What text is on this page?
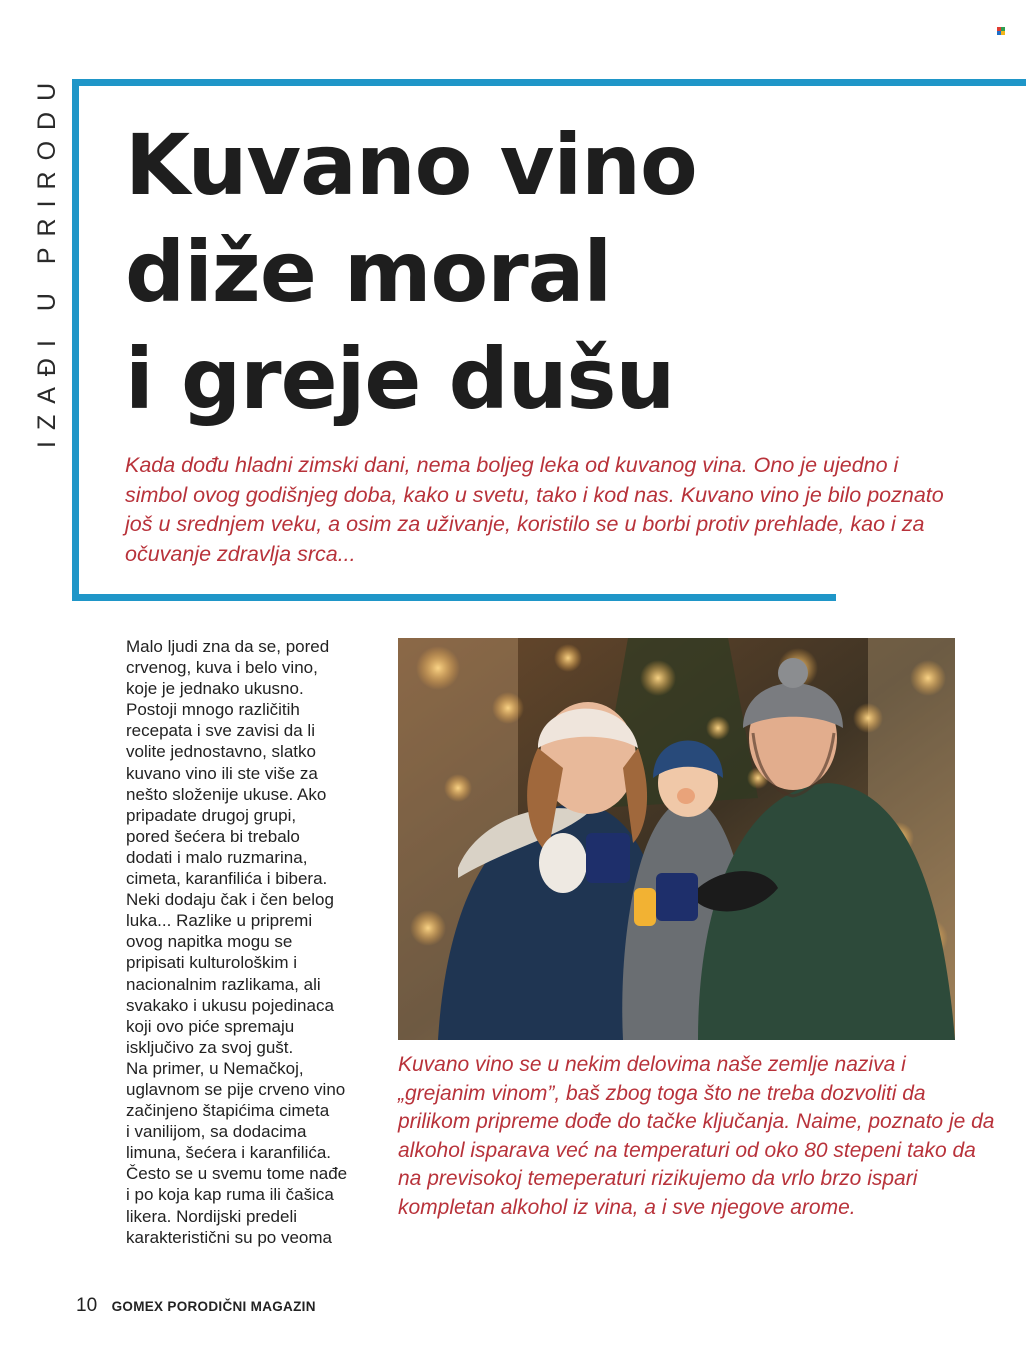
IZAĐI U PRIRODU Kuvano vino
diže moral
i greje dušu

Kada dođu hladni zimski dani, nema boljeg leka od kuvanog vina. Ono je ujedno i simbol ovog godišnjeg doba, kako u svetu, tako i kod nas. Kuvano vino je bilo poznato još u srednjem veku, a osim za uživanje, koristilo se u borbi protiv prehlade, kao i za očuvanje zdravlja srca...

Malo ljudi zna da se, pored
crvenog, kuva i belo vino,
koje je jednako ukusno.
Postoji mnogo različitih
recepata i sve zavisi da li
volite jednostavno, slatko
kuvano vino ili ste više za
nešto složenije ukuse. Ako
pripadate drugoj grupi,
pored šećera bi trebalo
dodati i malo ruzmarina,
cimeta, karanfilića i bibera.
Neki dodaju čak i čen belog
luka... Razlike u pripremi
ovog napitka mogu se
pripisati kulturološkim i
nacionalnim razlikama, ali
svakako i ukusu pojedinaca
koji ovo piće spremaju
isključivo za svoj gušt.
Na primer, u Nemačkoj,
uglavnom se pije crveno vino
začinjeno štapićima cimeta
i vanilijom, sa dodacima
limuna, šećera i karanfilića.
Često se u svemu tome nađe
i po koja kap ruma ili čašica
likera. Nordijski predeli
karakteristični su po veoma

Kuvano vino se u nekim delovima naše zemlje naziva i „grejanim vinom”, baš zbog toga što ne treba dozvoliti da prilikom pripreme dođe do tačke ključanja. Naime, poznato je da alkohol isparava već na temperaturi od oko 80 stepeni tako da na previsokoj temeperaturi rizikujemo da vrlo brzo ispari kompletan alkohol iz vina, a i sve njegove arome.

10 GOMEX PORODIČNI MAGAZIN
